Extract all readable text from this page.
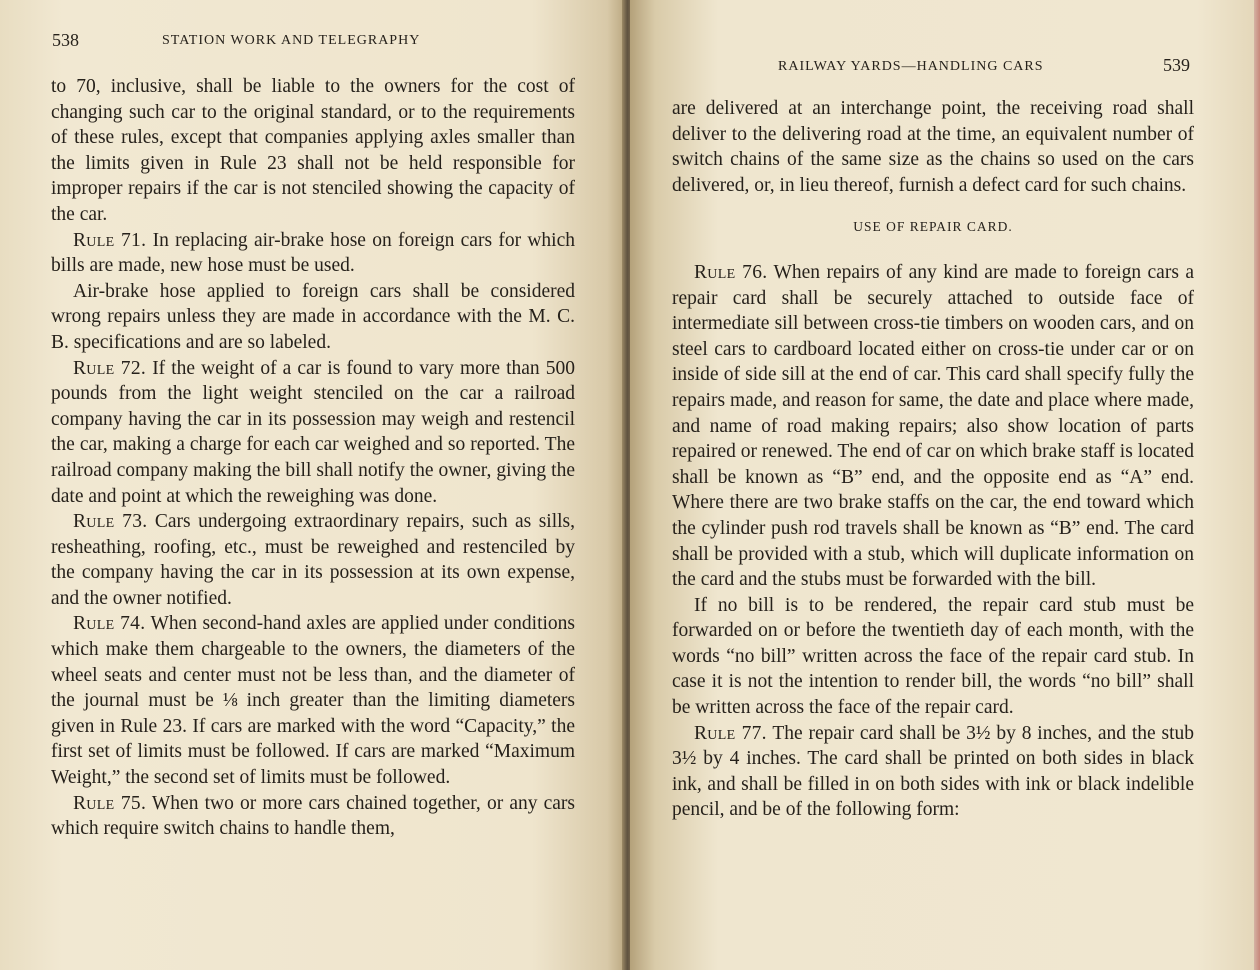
538	STATION WORK AND TELEGRAPHY

to 70, inclusive, shall be liable to the owners for the cost of changing such car to the original standard, or to the requirements of these rules, except that companies applying axles smaller than the limits given in Rule 23 shall not be held responsible for improper repairs if the car is not stenciled showing the capacity of the car.

Rule 71. In replacing air-brake hose on foreign cars for which bills are made, new hose must be used.

Air-brake hose applied to foreign cars shall be considered wrong repairs unless they are made in accordance with the M. C. B. specifications and are so labeled.

Rule 72. If the weight of a car is found to vary more than 500 pounds from the light weight stenciled on the car a railroad company having the car in its possession may weigh and restencil the car, making a charge for each car weighed and so reported. The railroad company making the bill shall notify the owner, giving the date and point at which the reweighing was done.

Rule 73. Cars undergoing extraordinary repairs, such as sills, resheathing, roofing, etc., must be reweighed and restenciled by the company having the car in its possession at its own expense, and the owner notified.

Rule 74. When second-hand axles are applied under conditions which make them chargeable to the owners, the diameters of the wheel seats and center must not be less than, and the diameter of the journal must be ⅛ inch greater than the limiting diameters given in Rule 23. If cars are marked with the word “Capacity,” the first set of limits must be followed. If cars are marked “Maximum Weight,” the second set of limits must be followed.

Rule 75. When two or more cars chained together, or any cars which require switch chains to handle them,

RAILWAY YARDS—HANDLING CARS	539

are delivered at an interchange point, the receiving road shall deliver to the delivering road at the time, an equivalent number of switch chains of the same size as the chains so used on the cars delivered, or, in lieu thereof, furnish a defect card for such chains.

USE OF REPAIR CARD.

Rule 76. When repairs of any kind are made to foreign cars a repair card shall be securely attached to outside face of intermediate sill between cross-tie timbers on wooden cars, and on steel cars to cardboard located either on cross-tie under car or on inside of side sill at the end of car. This card shall specify fully the repairs made, and reason for same, the date and place where made, and name of road making repairs; also show location of parts repaired or renewed. The end of car on which brake staff is located shall be known as “B” end, and the opposite end as “A” end. Where there are two brake staffs on the car, the end toward which the cylinder push rod travels shall be known as “B” end. The card shall be provided with a stub, which will duplicate information on the card and the stubs must be forwarded with the bill.

If no bill is to be rendered, the repair card stub must be forwarded on or before the twentieth day of each month, with the words “no bill” written across the face of the repair card stub. In case it is not the intention to render bill, the words “no bill” shall be written across the face of the repair card.

Rule 77. The repair card shall be 3½ by 8 inches, and the stub 3½ by 4 inches. The card shall be printed on both sides in black ink, and shall be filled in on both sides with ink or black indelible pencil, and be of the following form:
